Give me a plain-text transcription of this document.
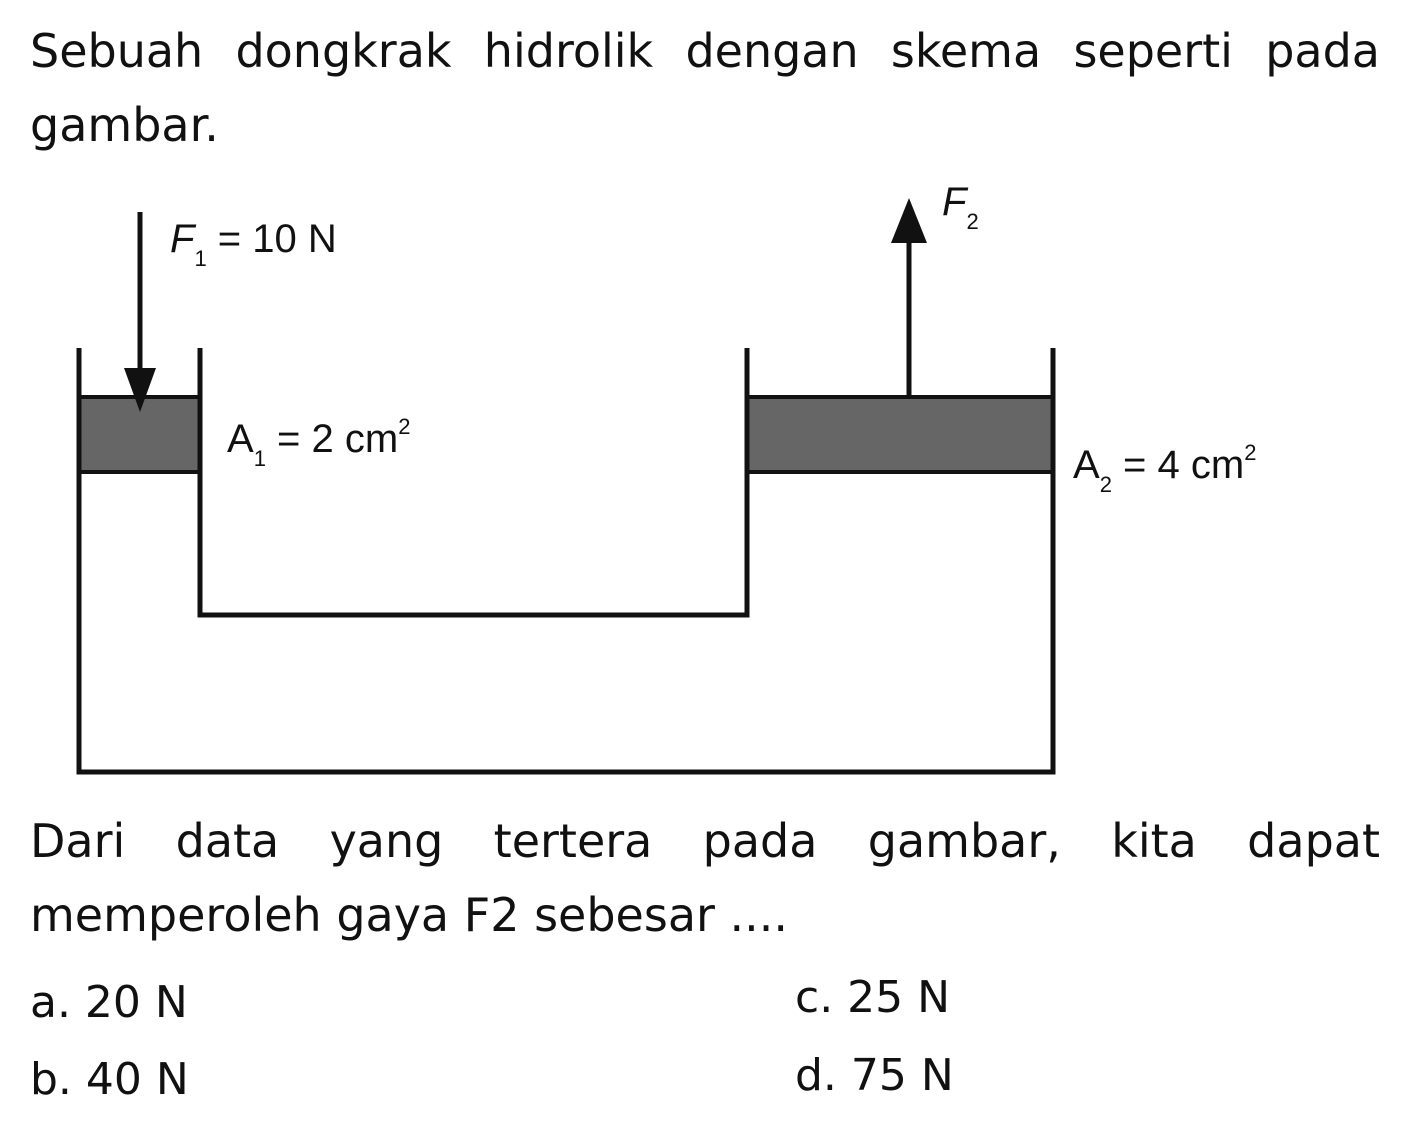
Sebuah dongkrak hidrolik dengan skema seperti pada gambar.

F1 = 10 N
F2
A1 = 2 cm2
A2 = 4 cm2

Dari data yang tertera pada gambar, kita dapat memperoleh gaya F2 sebesar ....

a. 20 N
b. 40 N
c. 25 N
d. 75 N
